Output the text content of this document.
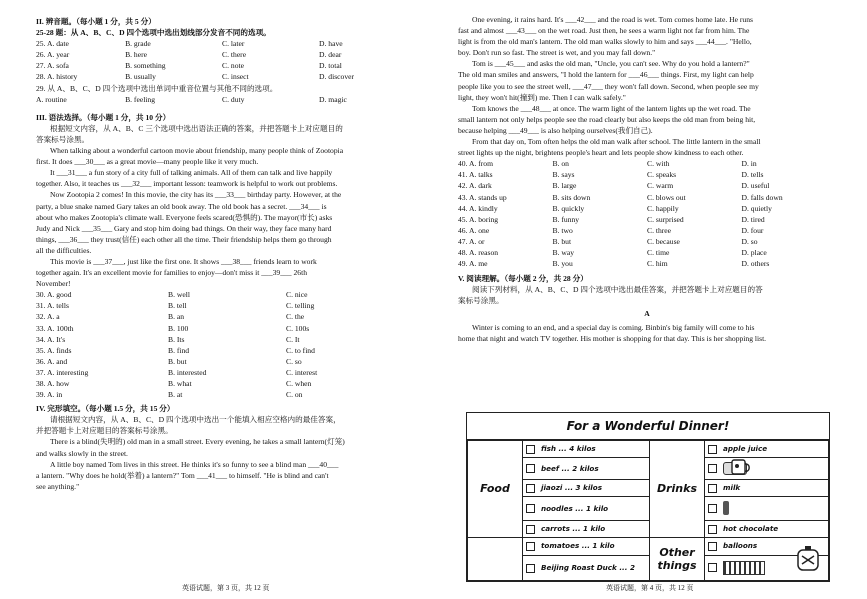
II. 辨音题。（每小题 1 分，共 5 分）
25-28 题：从 A、B、C、D 四个选项中选出划线部分发音不同的选项。
25. A. date	B. grade	C. later	D. have
26. A. year	B. here	C. there	D. dear
27. A. sofa	B. something	C. note	D. total
28. A. history	B. usually	C. insect	D. discover
29. 从 A、B、C、D 四个选项中选出单词中重音位置与其他不同的选项。
A. routine	B. feeling	C. duty	D. magic
III. 语法选择。（每小题 1 分，共 10 分）
根据短文内容，从 A、B、C 三个选项中选出语法正确的答案，并把答题卡上对应题目的
答案标号涂黑。
When talking about a wonderful cartoon movie about friendship, many people think of Zootopia
first. It does ___30___ as a great movie—many people like it very much.
It ___31___ a fun story of a city full of talking animals. All of them can talk and live happily
together. Also, it teaches us ___32___ important lesson: teamwork is helpful to work out problems.
Now Zootopia 2 comes! In this movie, the city has its ___33___ birthday party. However, at the
party, a blue snake named Gary takes an old book away. The old book has a secret. ___34___ is
about who makes Zootopia's climate wall. Everyone feels scared(恐惧的). The mayor(市长) asks
Judy and Nick ___35___ Gary and stop him doing bad things. On their way, they face many hard
things, ___36___ they trust(信任) each other all the time. Their friendship helps them go through
all the difficulties.
This movie is ___37___, just like the first one. It shows ___38___ friends learn to work
together again. It's an excellent movie for families to enjoy—don't miss it ___39___ 26th
November!
30. A. good	B. well	C. nice
31. A. tells	B. tell	C. telling
32. A. a	B. an	C. the
33. A. 100th	B. 100	C. 100s
34. A. It's	B. Its	C. It
35. A. finds	B. find	C. to find
36. A. and	B. but	C. so
37. A. interesting	B. interested	C. interest
38. A. how	B. what	C. when
39. A. in	B. at	C. on
IV. 完形填空。（每小题 1.5 分，共 15 分）
请根据短文内容，从 A、B、C、D 四个选项中选出一个能填入相应空格内的最佳答案，
并把答题卡上对应题目的答案标号涂黑。
There is a blind(失明的) old man in a small street. Every evening, he takes a small lantern(灯笼)
and walks slowly in the street.
A little boy named Tom lives in this street. He thinks it's so funny to see a blind man ___40___
a lantern. "Why does he hold(举着) a lantern?" Tom ___41___ to himself. "He is blind and can't
see anything."
英语试题，第 3 页，共 12 页
One evening, it rains hard. It's ___42___ and the road is wet. Tom comes home late. He runs
fast and almost ___43___ on the wet road. Just then, he sees a warm light not far from him. The
light is from the old man's lantern. The old man walks slowly to him and says ___44___. "Hello,
boy. Don't run so fast. The street is wet, and you may fall down."
Tom is ___45___ and asks the old man, "Uncle, you can't see. Why do you hold a lantern?"
The old man smiles and answers, "I hold the lantern for ___46___ things. First, my light can help
people like you to see the street well, ___47___ they won't fall down. Second, when people see my
light, they won't hit(撞到) me. Then I can walk safely."
Tom knows the ___48___ at once. The warm light of the lantern lights up the wet road. The
small lantern not only helps people see the road clearly but also keeps the old man from being hit,
because helping ___49___ is also helping ourselves(我们自己).
From that day on, Tom often helps the old man walk after school. The little lantern in the small
street lights up the night, brightens people's heart and lets people show kindness to each other.
40. A. from	B. on	C. with	D. in
41. A. talks	B. says	C. speaks	D. tells
42. A. dark	B. large	C. warm	D. useful
43. A. stands up	B. sits down	C. blows out	D. falls down
44. A. kindly	B. quickly	C. happily	D. quietly
45. A. boring	B. funny	C. surprised	D. tired
46. A. one	B. two	C. three	D. four
47. A. or	B. but	C. because	D. so
48. A. reason	B. way	C. time	D. place
49. A. me	B. you	C. him	D. others
V. 阅读理解。（每小题 2 分，共 28 分）
阅读下列材料，从 A、B、C、D 四个选项中选出最佳答案，并把答题卡上对应题目的答
案标号涂黑。
A
Winter is coming to an end, and a special day is coming. Binbin's big family will come to his
home that night and watch TV together. His mother is shopping for that day. This is her shopping list.
For a Wonderful Dinner!
Food	fish ... 4 kilos	Drinks	apple juice
	beef ... 2 kilos		
	jiaozi ... 3 kilos		milk
	noodles ... 1 kilo		
	carrots ... 1 kilo		hot chocolate
	tomatoes ... 1 kilo	Other things	balloons
	Beijing Roast Duck ... 2		
英语试题，第 4 页，共 12 页
